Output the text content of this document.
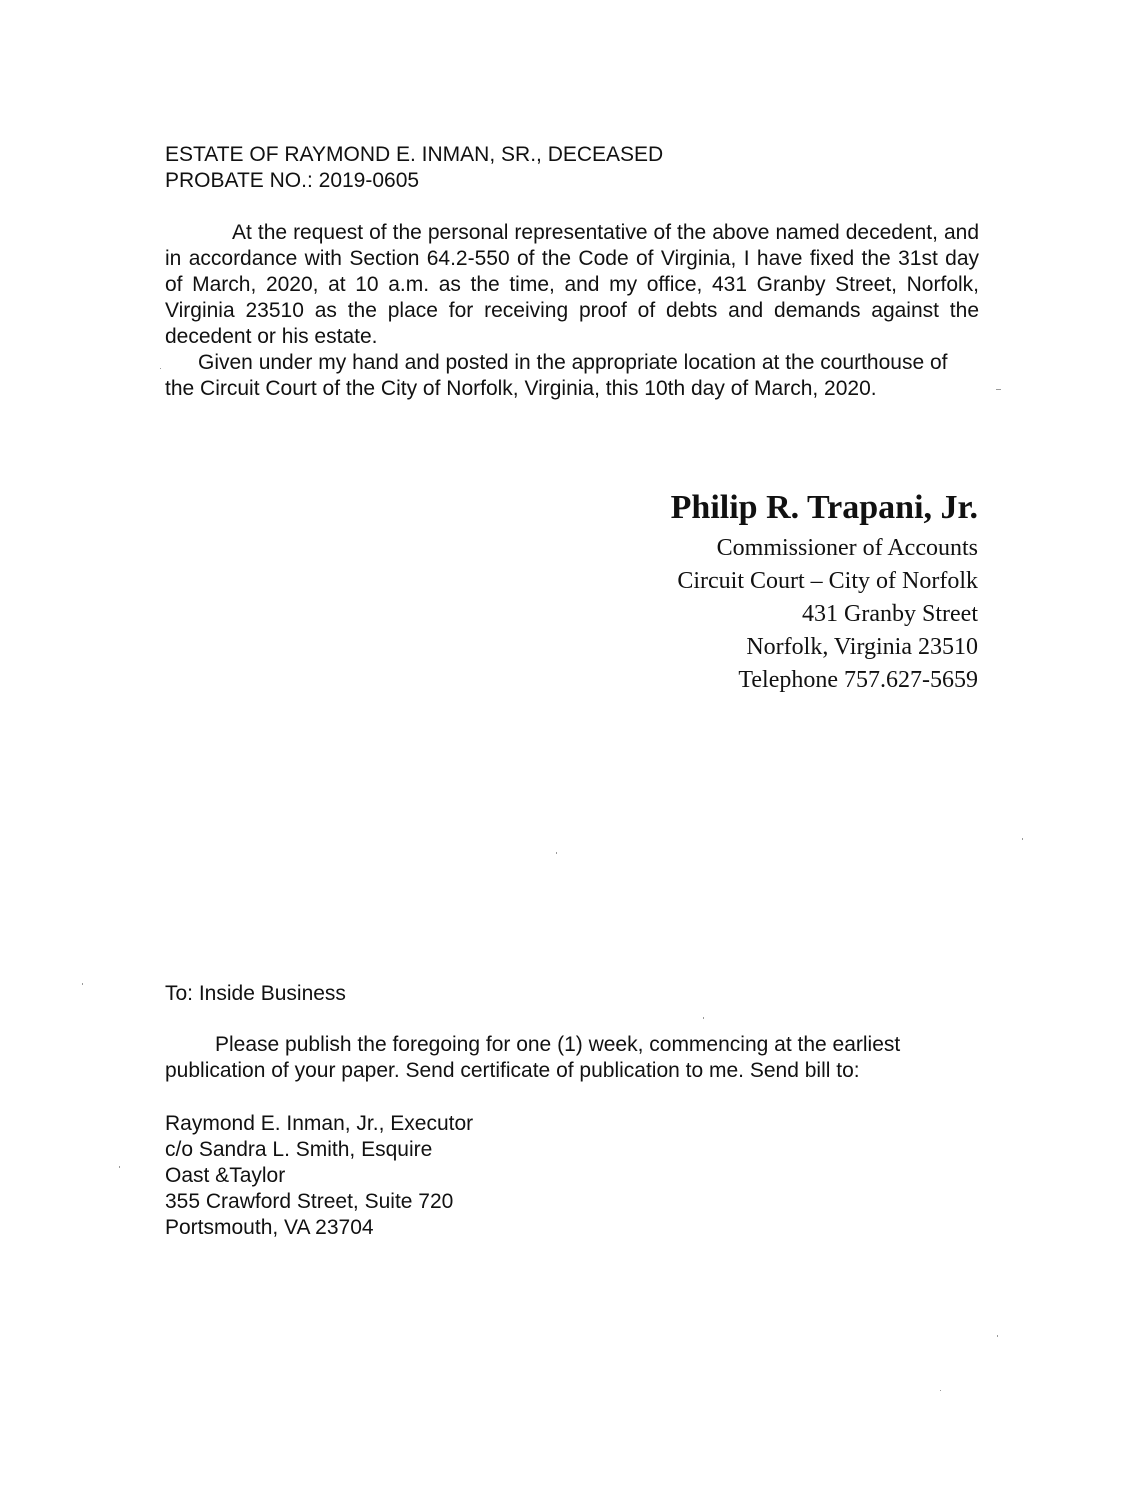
ESTATE OF RAYMOND E. INMAN, SR., DECEASED
PROBATE NO.: 2019-0605

At the request of the personal representative of the above named decedent, and in accordance with Section 64.2-550 of the Code of Virginia, I have fixed the 31st day of March, 2020, at 10 a.m. as the time, and my office, 431 Granby Street, Norfolk, Virginia 23510 as the place for receiving proof of debts and demands against the decedent or his estate.

Given under my hand and posted in the appropriate location at the courthouse of the Circuit Court of the City of Norfolk, Virginia, this 10th day of March, 2020.

Philip R. Trapani, Jr.
Commissioner of Accounts
Circuit Court – City of Norfolk
431 Granby Street
Norfolk, Virginia 23510
Telephone 757.627-5659
To: Inside Business

Please publish the foregoing for one (1) week, commencing at the earliest publication of your paper. Send certificate of publication to me. Send bill to:

Raymond E. Inman, Jr., Executor
c/o Sandra L. Smith, Esquire
Oast &Taylor
355 Crawford Street, Suite 720
Portsmouth, VA 23704
